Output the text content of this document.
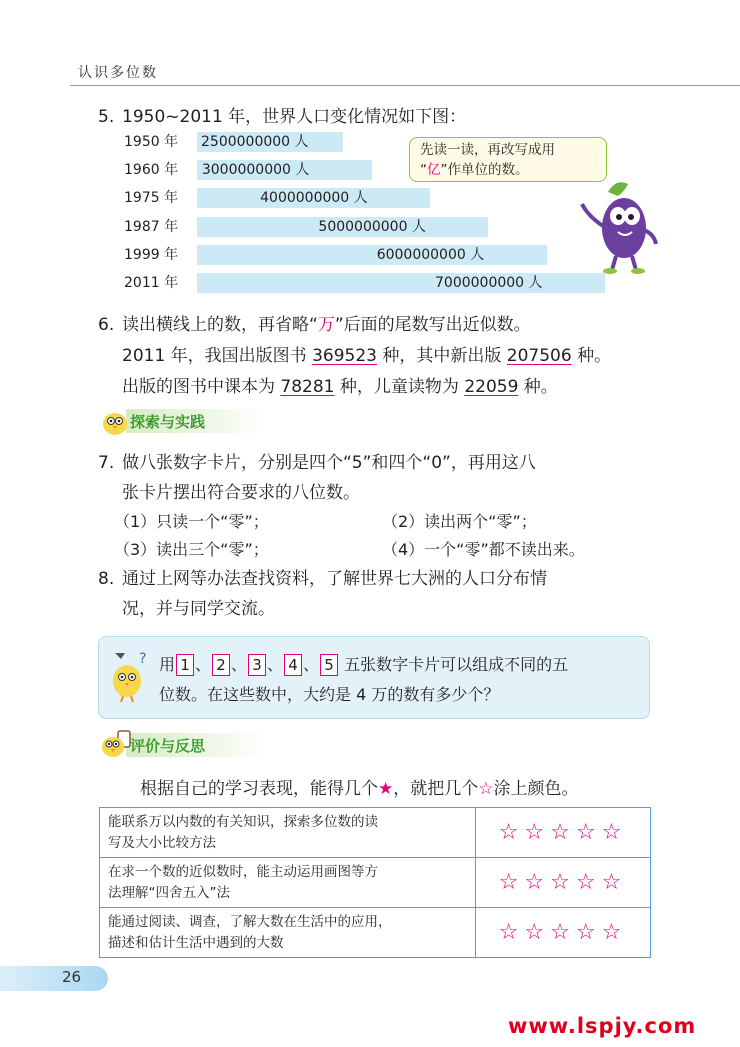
认识多位数
5. 1950~2011 年，世界人口变化情况如下图：
1950 年 2500000000 人
1960 年 3000000000 人
1975 年	4000000000 人
1987 年	5000000000 人
1999 年	6000000000 人
2011 年	7000000000 人
先读一读，再改写成用
“亿”作单位的数。
6. 读出横线上的数，再省略“万”后面的尾数写出近似数。
2011 年，我国出版图书 369523 种，其中新出版 207506 种。
出版的图书中课本为 78281 种，儿童读物为 22059 种。
探索与实践
7. 做八张数字卡片，分别是四个“5”和四个“0”，再用这八
张卡片摆出符合要求的八位数。
（1）只读一个“零”；	（2）读出两个“零”；
（3）读出三个“零”；	（4）一个“零”都不读出来。
8. 通过上网等办法查找资料，了解世界七大洲的人口分布情
况，并与同学交流。
? 用 1 、 2 、 3 、 4 、 5 五张数字卡片可以组成不同的五
位数。在这些数中，大约是 4 万的数有多少个？
评价与反思
根据自己的学习表现，能得几个★，就把几个☆涂上颜色。
能联系万以内数的有关知识，探索多位数的读
写及大小比较方法	☆☆☆☆☆

在求一个数的近似数时，能主动运用画图等方
法理解“四舍五入”法	☆☆☆☆☆

能通过阅读、调查，了解大数在生活中的应用，
描述和估计生活中遇到的大数	☆☆☆☆☆
26
www.lspjy.com
